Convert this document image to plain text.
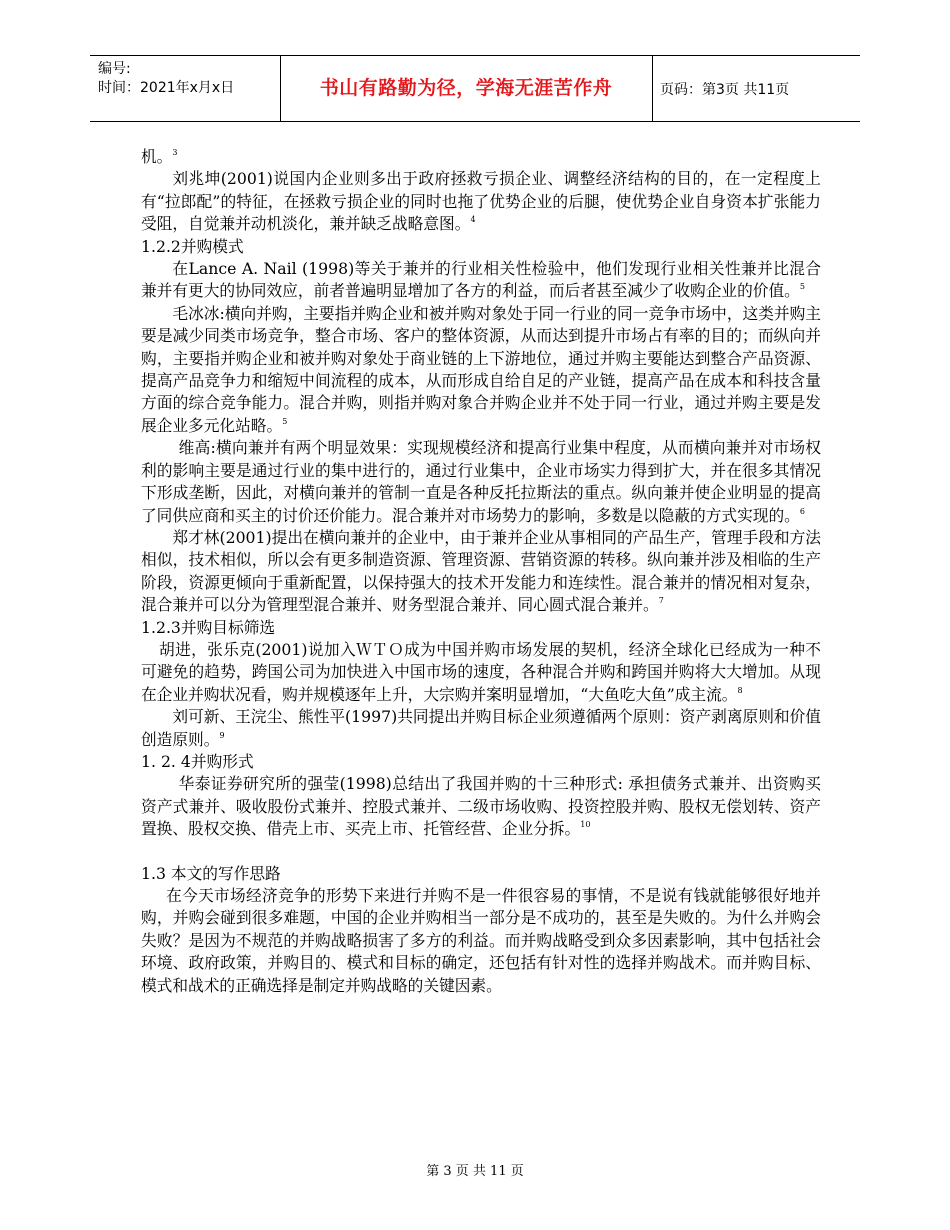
编号:
时间：2021年x月x日	书山有路勤为径，学海无涯苦作舟	页码：第3页 共11页

机。$^3$

刘兆坤(2001)说国内企业则多出于政府拯救亏损企业、调整经济结构的目的，在一定程度上有“拉郎配”的特征，在拯救亏损企业的同时也拖了优势企业的后腿，使优势企业自身资本扩张能力受阻，自觉兼并动机淡化，兼并缺乏战略意图。$^4$

1.2.2并购模式

在Lance A. Nail (1998)等关于兼并的行业相关性检验中，他们发现行业相关性兼并比混合兼并有更大的协同效应，前者普遍明显增加了各方的利益，而后者甚至减少了收购企业的价值。$^5$

毛冰冰:横向并购，主要指并购企业和被并购对象处于同一行业的同一竞争市场中，这类并购主要是减少同类市场竞争，整合市场、客户的整体资源，从而达到提升市场占有率的目的；而纵向并购，主要指并购企业和被并购对象处于商业链的上下游地位，通过并购主要能达到整合产品资源、提高产品竞争力和缩短中间流程的成本，从而形成自给自足的产业链，提高产品在成本和科技含量方面的综合竞争能力。混合并购，则指并购对象合并购企业并不处于同一行业，通过并购主要是发展企业多元化站略。$^5$

维高:横向兼并有两个明显效果：实现规模经济和提高行业集中程度，从而横向兼并对市场权利的影响主要是通过行业的集中进行的，通过行业集中，企业市场实力得到扩大，并在很多其情况下形成垄断，因此，对横向兼并的管制一直是各种反托拉斯法的重点。纵向兼并使企业明显的提高了同供应商和买主的讨价还价能力。混合兼并对市场势力的影响，多数是以隐蔽的方式实现的。$^6$

郑才林(2001)提出在横向兼并的企业中，由于兼并企业从事相同的产品生产，管理手段和方法相似，技术相似，所以会有更多制造资源、管理资源、营销资源的转移。纵向兼并涉及相临的生产阶段，资源更倾向于重新配置，以保持强大的技术开发能力和连续性。混合兼并的情况相对复杂，混合兼并可以分为管理型混合兼并、财务型混合兼并、同心圆式混合兼并。$^7$

1.2.3并购目标筛选

胡进，张乐克(2001)说加入ＷＴＯ成为中国并购市场发展的契机，经济全球化已经成为一种不可避免的趋势，跨国公司为加快进入中国市场的速度，各种混合并购和跨国并购将大大增加。从现在企业并购状况看，购并规模逐年上升，大宗购并案明显增加，“大鱼吃大鱼”成主流。$^8$

刘可新、王浣尘、熊性平(1997)共同提出并购目标企业须遵循两个原则：资产剥离原则和价值创造原则。$^9$

1. 2. 4并购形式

华泰证券研究所的强莹(1998)总结出了我国并购的十三种形式: 承担债务式兼并、出资购买资产式兼并、吸收股份式兼并、控股式兼并、二级市场收购、投资控股并购、股权无偿划转、资产置换、股权交换、借壳上市、买壳上市、托管经营、企业分拆。$^{10}$

1.3 本文的写作思路

在今天市场经济竞争的形势下来进行并购不是一件很容易的事情，不是说有钱就能够很好地并购，并购会碰到很多难题，中国的企业并购相当一部分是不成功的，甚至是失败的。为什么并购会失败？是因为不规范的并购战略损害了多方的利益。而并购战略受到众多因素影响，其中包括社会环境、政府政策，并购目的、模式和目标的确定，还包括有针对性的选择并购战术。而并购目标、模式和战术的正确选择是制定并购战略的关键因素。

第 3 页 共 11 页
